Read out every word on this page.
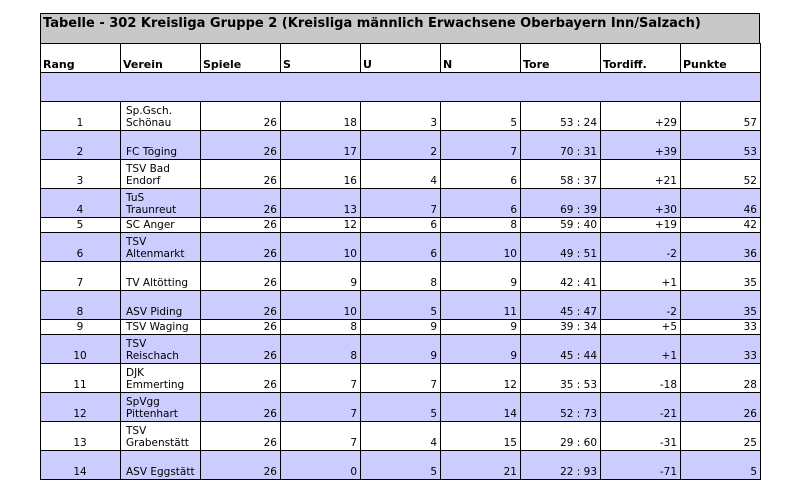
Tabelle - 302 Kreisliga Gruppe 2 (Kreisliga männlich Erwachsene Oberbayern Inn/Salzach)
Rang	Verein	Spiele	S	U	N	Tore	Tordiff.	Punkte

1	Sp.Gsch. Schönau	26	18	3	5	53 : 24	+29	57
2	FC Töging	26	17	2	7	70 : 31	+39	53
3	TSV Bad Endorf	26	16	4	6	58 : 37	+21	52
4	TuS Traunreut	26	13	7	6	69 : 39	+30	46
5	SC Anger	26	12	6	8	59 : 40	+19	42
6	TSV Altenmarkt	26	10	6	10	49 : 51	-2	36
7	TV Altötting	26	9	8	9	42 : 41	+1	35
8	ASV Piding	26	10	5	11	45 : 47	-2	35
9	TSV Waging	26	8	9	9	39 : 34	+5	33
10	TSV Reischach	26	8	9	9	45 : 44	+1	33
11	DJK Emmerting	26	7	7	12	35 : 53	-18	28
12	SpVgg Pittenhart	26	7	5	14	52 : 73	-21	26
13	TSV Grabenstätt	26	7	4	15	29 : 60	-31	25
14	ASV Eggstätt	26	0	5	21	22 : 93	-71	5
